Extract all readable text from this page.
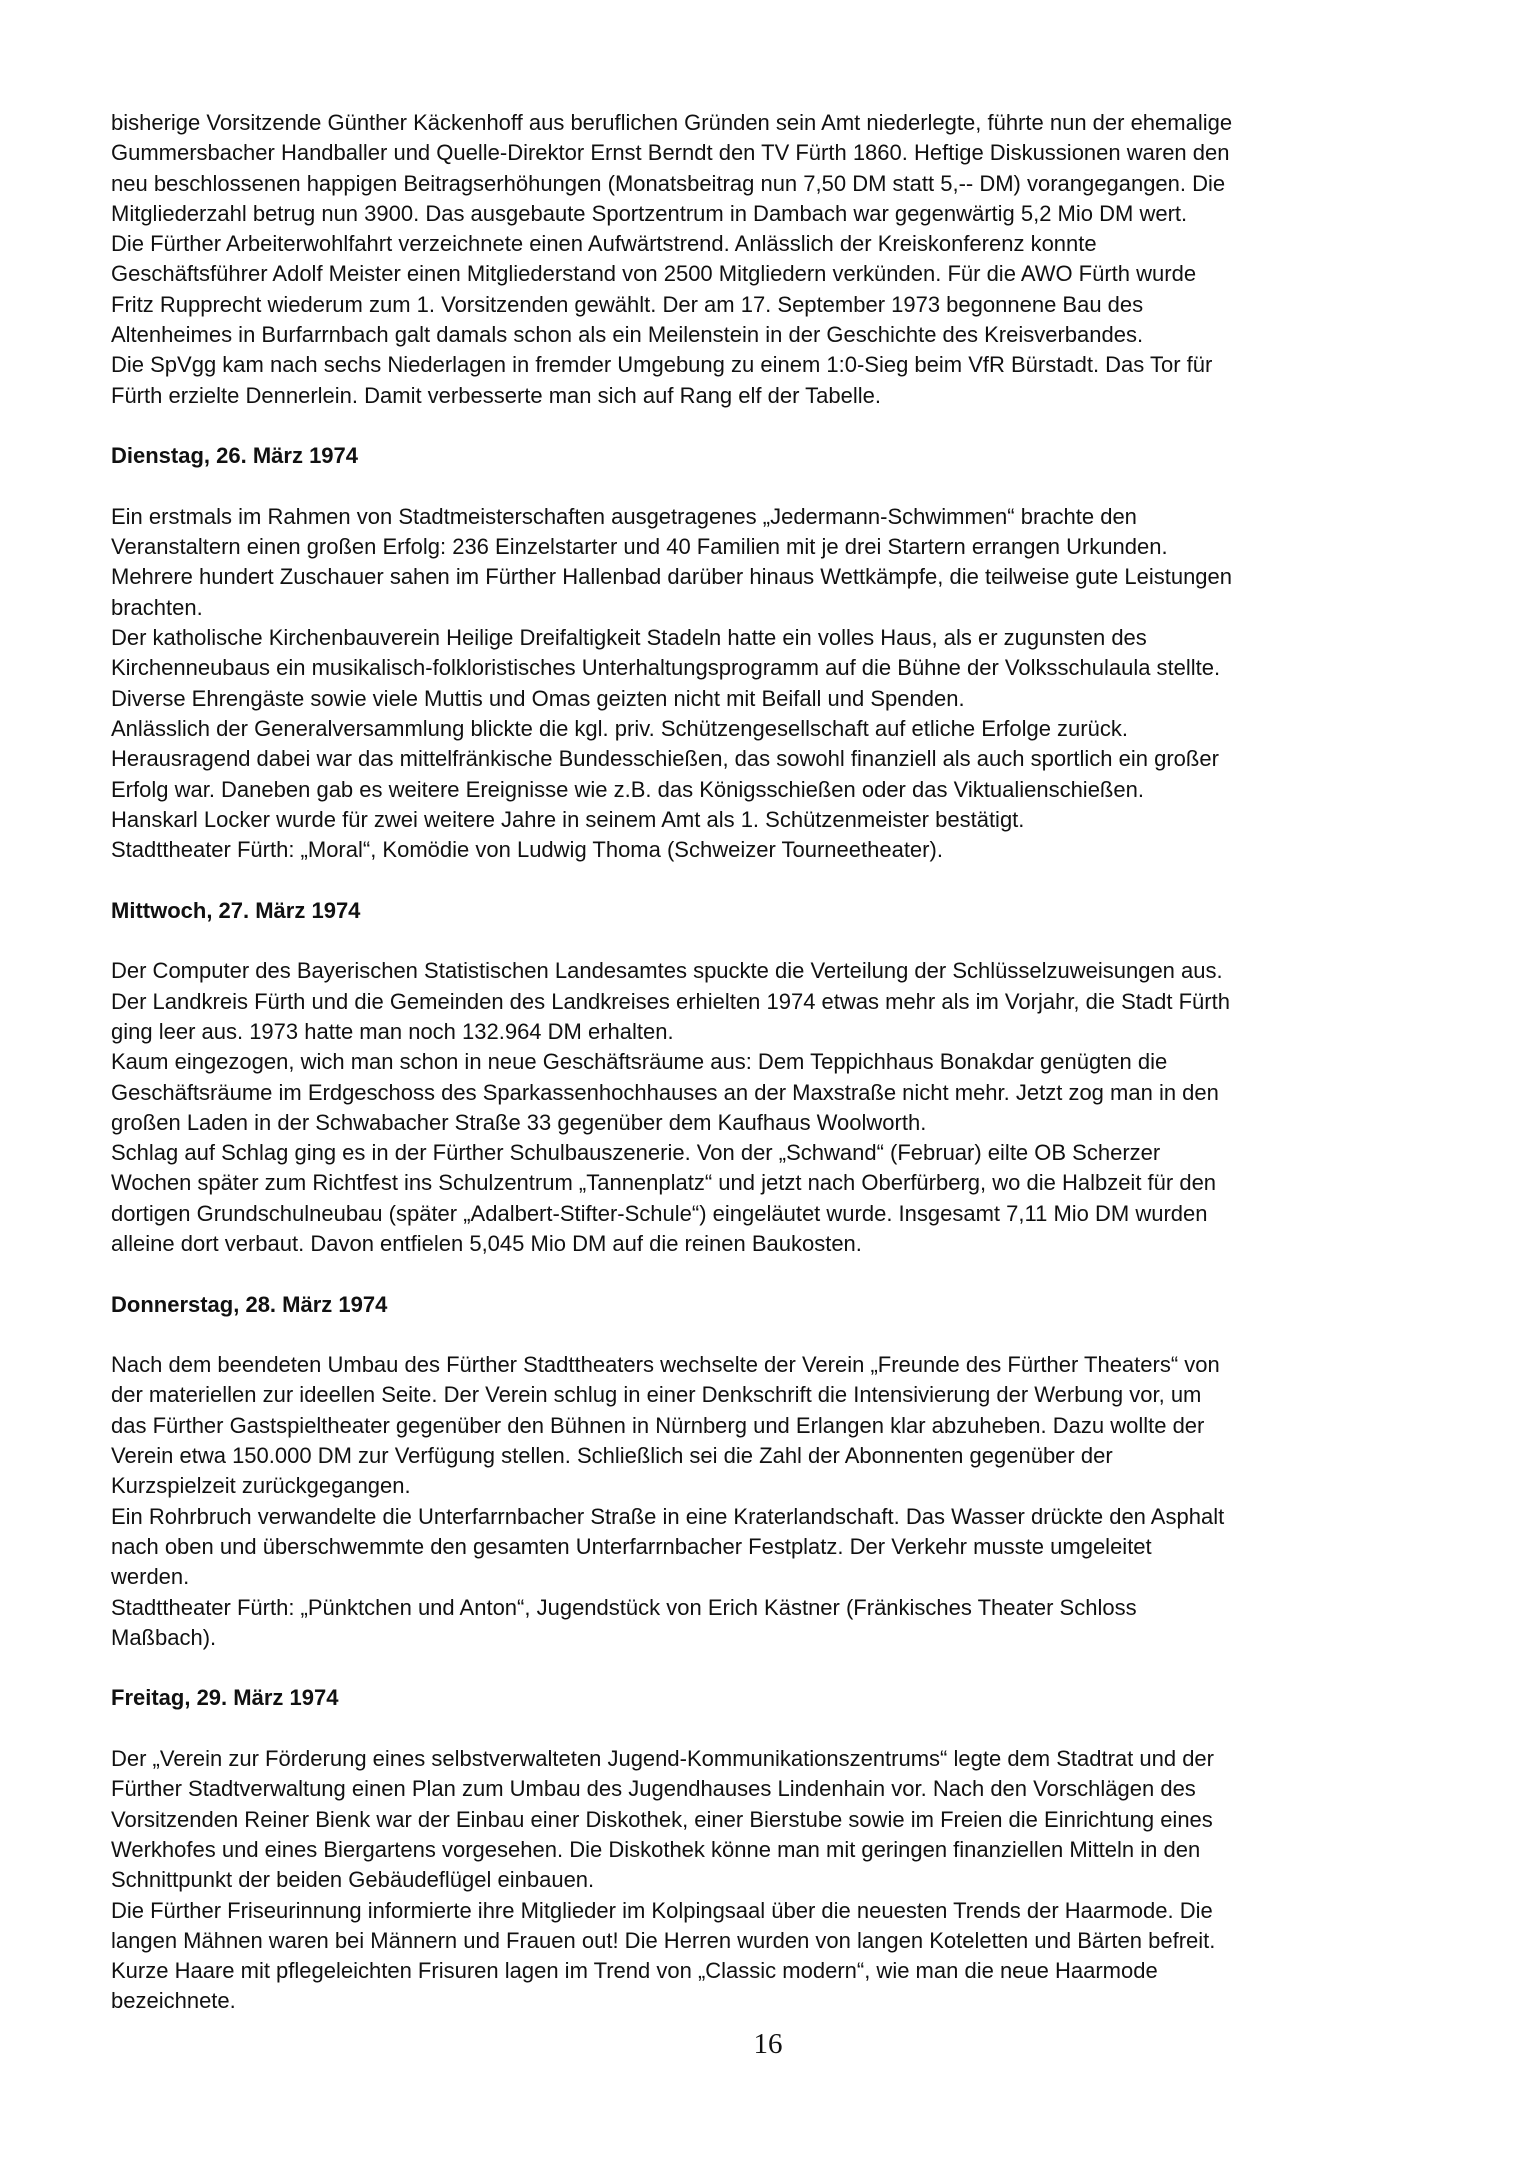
bisherige Vorsitzende Günther Käckenhoff aus beruflichen Gründen sein Amt niederlegte, führte nun der ehemalige
Gummersbacher Handballer und Quelle-Direktor Ernst Berndt den TV Fürth 1860. Heftige Diskussionen waren den
neu beschlossenen happigen Beitragserhöhungen (Monatsbeitrag nun 7,50 DM statt 5,-- DM) vorangegangen. Die
Mitgliederzahl betrug nun 3900. Das ausgebaute Sportzentrum in Dambach war gegenwärtig 5,2 Mio DM wert.
Die Fürther Arbeiterwohlfahrt verzeichnete einen Aufwärtstrend. Anlässlich der Kreiskonferenz konnte
Geschäftsführer Adolf Meister einen Mitgliederstand von 2500 Mitgliedern verkünden. Für die AWO Fürth wurde
Fritz Rupprecht wiederum zum 1. Vorsitzenden gewählt. Der am 17. September 1973 begonnene Bau des
Altenheimes in Burfarrnbach galt damals schon als ein Meilenstein in der Geschichte des Kreisverbandes.
Die SpVgg kam nach sechs Niederlagen in fremder Umgebung zu einem 1:0-Sieg beim VfR Bürstadt. Das Tor für
Fürth erzielte Dennerlein. Damit verbesserte man sich auf Rang elf der Tabelle.

Dienstag, 26. März 1974

Ein erstmals im Rahmen von Stadtmeisterschaften ausgetragenes „Jedermann-Schwimmen“ brachte den
Veranstaltern einen großen Erfolg: 236 Einzelstarter und 40 Familien mit je drei Startern errangen Urkunden.
Mehrere hundert Zuschauer sahen im Fürther Hallenbad darüber hinaus Wettkämpfe, die teilweise gute Leistungen
brachten.
Der katholische Kirchenbauverein Heilige Dreifaltigkeit Stadeln hatte ein volles Haus, als er zugunsten des
Kirchenneubaus ein musikalisch-folkloristisches Unterhaltungsprogramm auf die Bühne der Volksschulaula stellte.
Diverse Ehrengäste sowie viele Muttis und Omas geizten nicht mit Beifall und Spenden.
Anlässlich der Generalversammlung blickte die kgl. priv. Schützengesellschaft auf etliche Erfolge zurück.
Herausragend dabei war das mittelfränkische Bundesschießen, das sowohl finanziell als auch sportlich ein großer
Erfolg war. Daneben gab es weitere Ereignisse wie z.B. das Königsschießen oder das Viktualienschießen.
Hanskarl Locker wurde für zwei weitere Jahre in seinem Amt als 1. Schützenmeister bestätigt.
Stadttheater Fürth: „Moral“, Komödie von Ludwig Thoma (Schweizer Tourneetheater).

Mittwoch, 27. März 1974

Der Computer des Bayerischen Statistischen Landesamtes spuckte die Verteilung der Schlüsselzuweisungen aus.
Der Landkreis Fürth und die Gemeinden des Landkreises erhielten 1974 etwas mehr als im Vorjahr, die Stadt Fürth
ging leer aus. 1973 hatte man noch 132.964 DM erhalten.
Kaum eingezogen, wich man schon in neue Geschäftsräume aus: Dem Teppichhaus Bonakdar genügten die
Geschäftsräume im Erdgeschoss des Sparkassenhochhauses an der Maxstraße nicht mehr. Jetzt zog man in den
großen Laden in der Schwabacher Straße 33 gegenüber dem Kaufhaus Woolworth.
Schlag auf Schlag ging es in der Fürther Schulbauszenerie. Von der „Schwand“ (Februar) eilte OB Scherzer
Wochen später zum Richtfest ins Schulzentrum „Tannenplatz“ und jetzt nach Oberfürberg, wo die Halbzeit für den
dortigen Grundschulneubau (später „Adalbert-Stifter-Schule“) eingeläutet wurde. Insgesamt 7,11 Mio DM wurden
alleine dort verbaut. Davon entfielen 5,045 Mio DM auf die reinen Baukosten.

Donnerstag, 28. März 1974

Nach dem beendeten Umbau des Fürther Stadttheaters wechselte der Verein „Freunde des Fürther Theaters“ von
der materiellen zur ideellen Seite. Der Verein schlug in einer Denkschrift die Intensivierung der Werbung vor, um
das Fürther Gastspieltheater gegenüber den Bühnen in Nürnberg und Erlangen klar abzuheben. Dazu wollte der
Verein etwa 150.000 DM zur Verfügung stellen. Schließlich sei die Zahl der Abonnenten gegenüber der
Kurzspielzeit zurückgegangen.
Ein Rohrbruch verwandelte die Unterfarrnbacher Straße in eine Kraterlandschaft. Das Wasser drückte den Asphalt
nach oben und überschwemmte den gesamten Unterfarrnbacher Festplatz. Der Verkehr musste umgeleitet
werden.
Stadttheater Fürth: „Pünktchen und Anton“, Jugendstück von Erich Kästner (Fränkisches Theater Schloss
Maßbach).

Freitag, 29. März 1974

Der „Verein zur Förderung eines selbstverwalteten Jugend-Kommunikationszentrums“ legte dem Stadtrat und der
Fürther Stadtverwaltung einen Plan zum Umbau des Jugendhauses Lindenhain vor. Nach den Vorschlägen des
Vorsitzenden Reiner Bienk war der Einbau einer Diskothek, einer Bierstube sowie im Freien die Einrichtung eines
Werkhofes und eines Biergartens vorgesehen. Die Diskothek könne man mit geringen finanziellen Mitteln in den
Schnittpunkt der beiden Gebäudeflügel einbauen.
Die Fürther Friseurinnung informierte ihre Mitglieder im Kolpingsaal über die neuesten Trends der Haarmode. Die
langen Mähnen waren bei Männern und Frauen out! Die Herren wurden von langen Koteletten und Bärten befreit.
Kurze Haare mit pflegeleichten Frisuren lagen im Trend von „Classic modern“, wie man die neue Haarmode
bezeichnete.

16
